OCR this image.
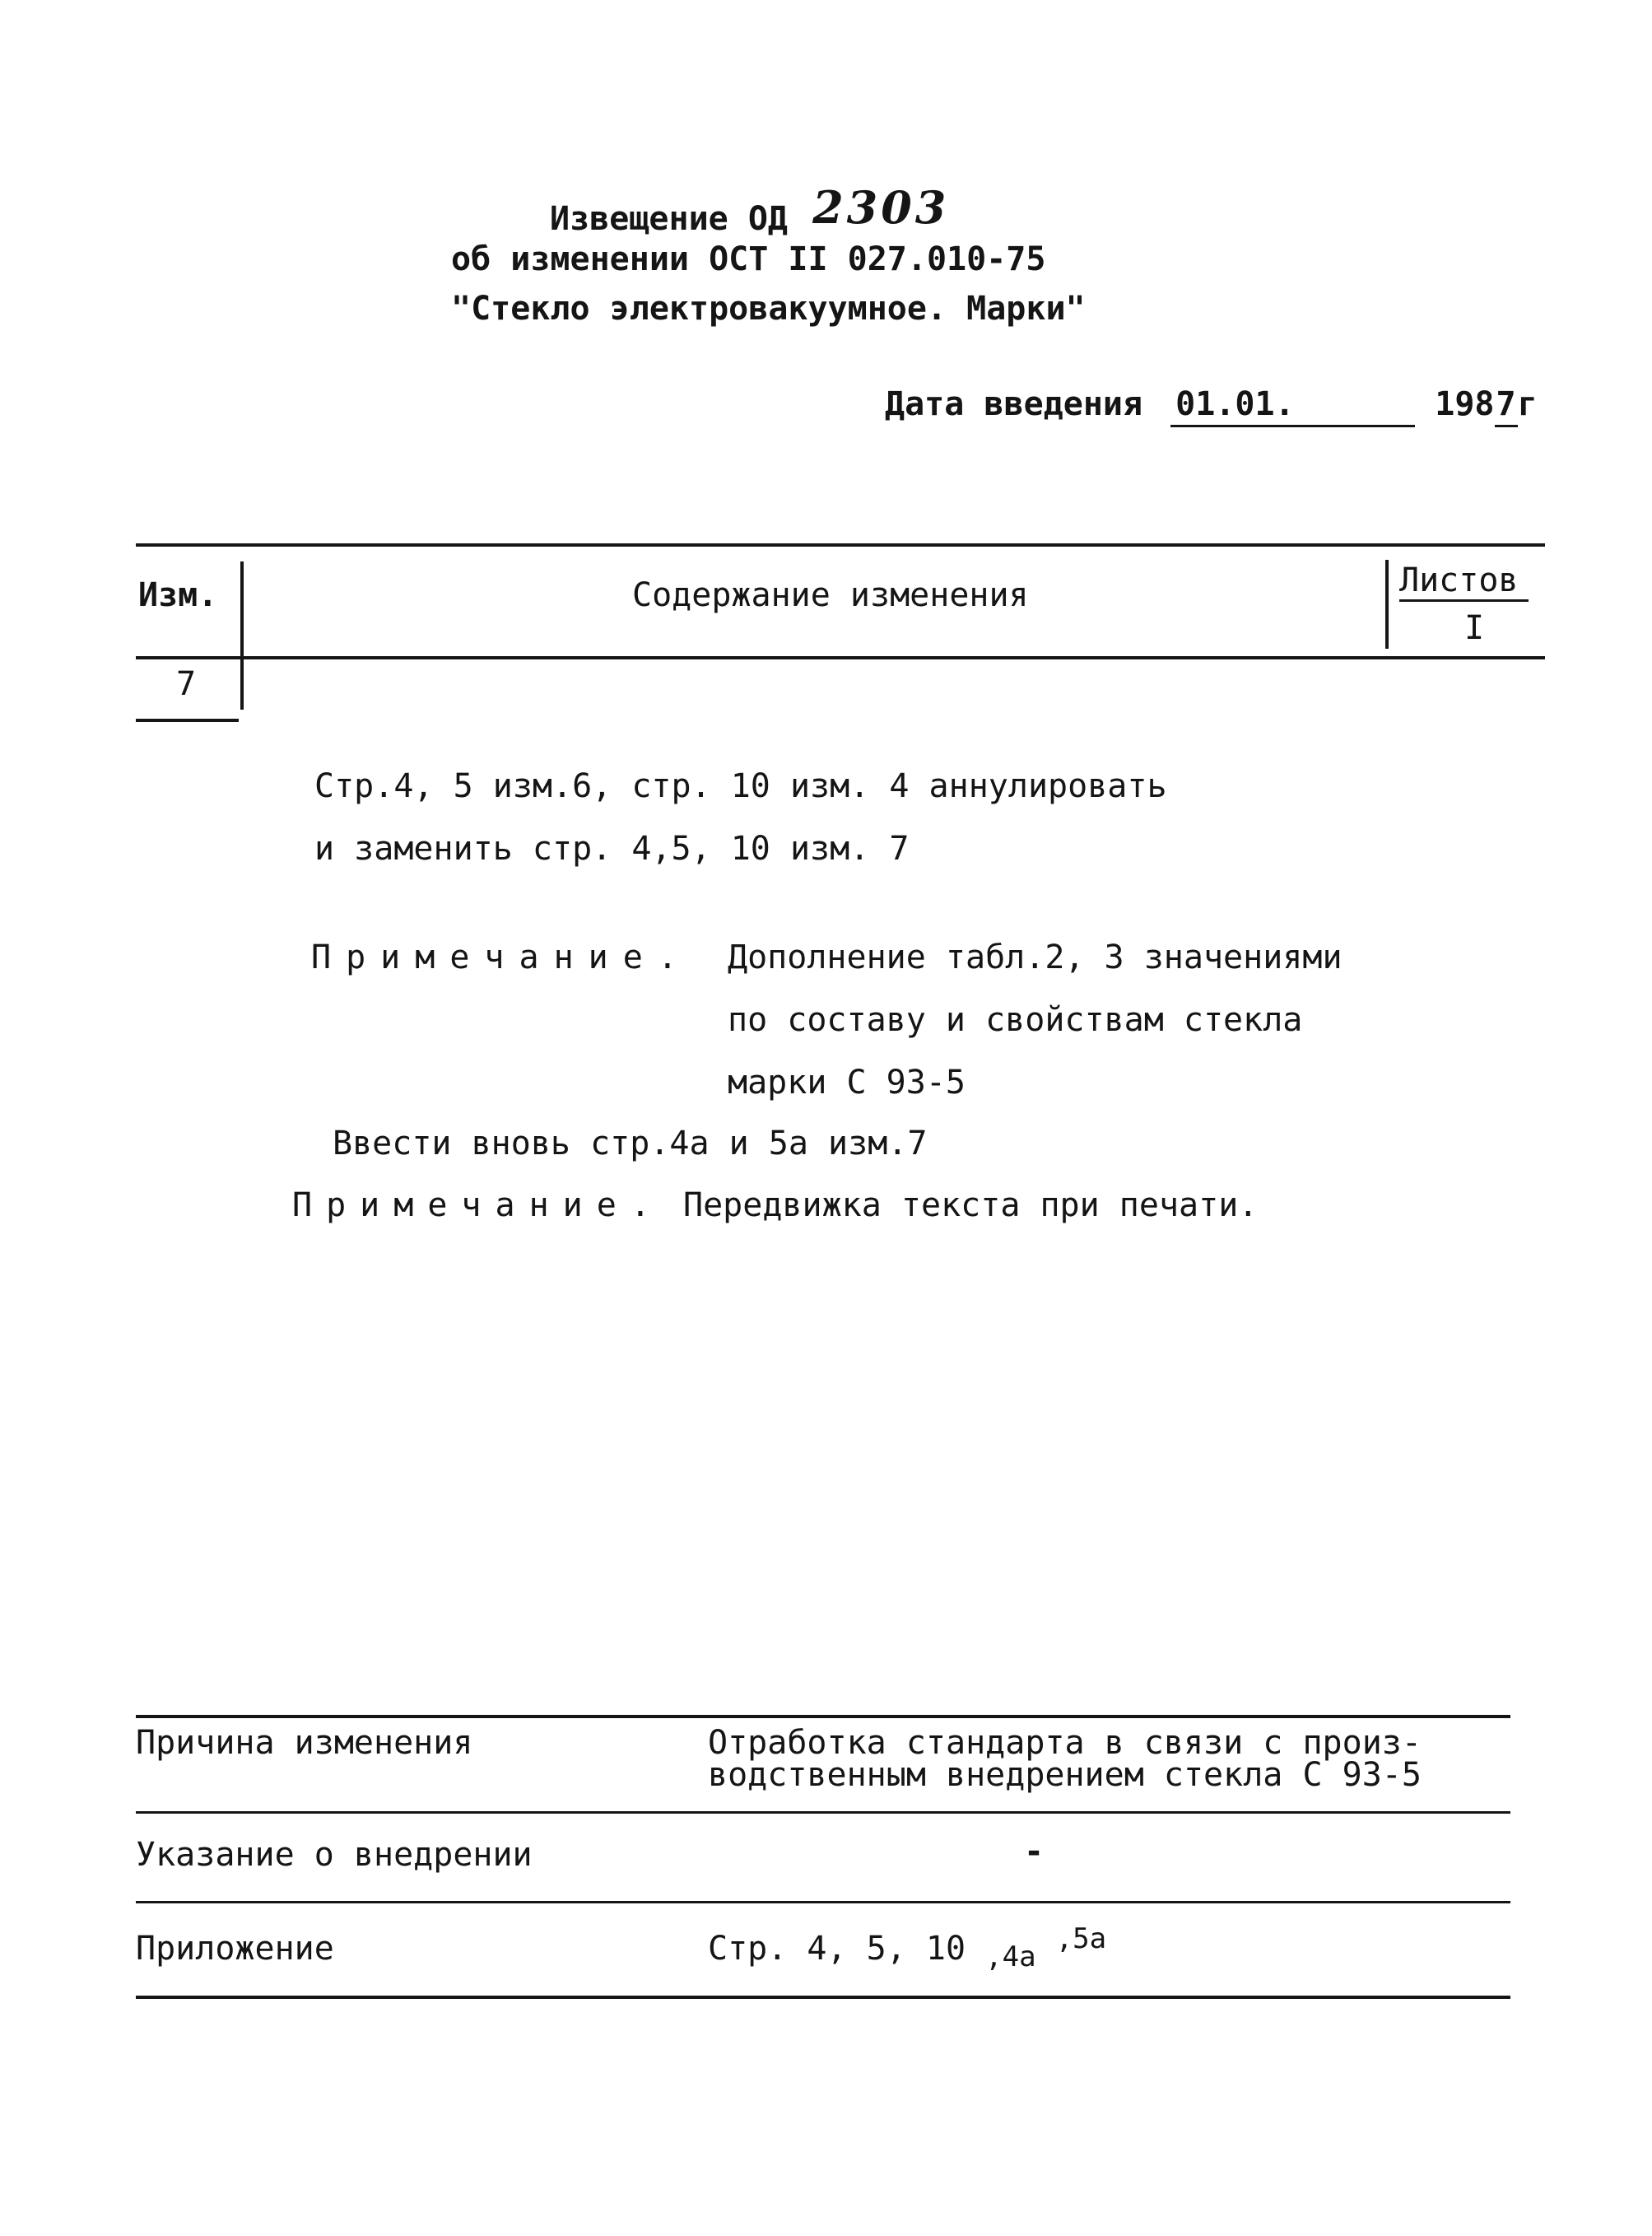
Извещение ОД 2303
об изменении ОСТ II 027.010-75
"Стекло электровакуумное. Марки"
Дата введения 01.01.	1987г
Изм.	Содержание изменения	Листов
I
7
Стр.4, 5 изм.6, стр. 10 изм. 4 аннулировать
и заменить стр. 4,5, 10 изм. 7
Примечание. Дополнение табл.2, 3 значениями
по составу и свойствам стекла
марки С 93-5
Ввести вновь стр.4а и 5а изм.7
Примечание. Передвижка текста при печати.
Причина изменения	Отработка стандарта в связи с произ-
водственным внедрением стекла С 93-5
Указание о внедрении	-
Приложение	Стр. 4, 5, 10 $_{,4а}$ $^{,5а}$
